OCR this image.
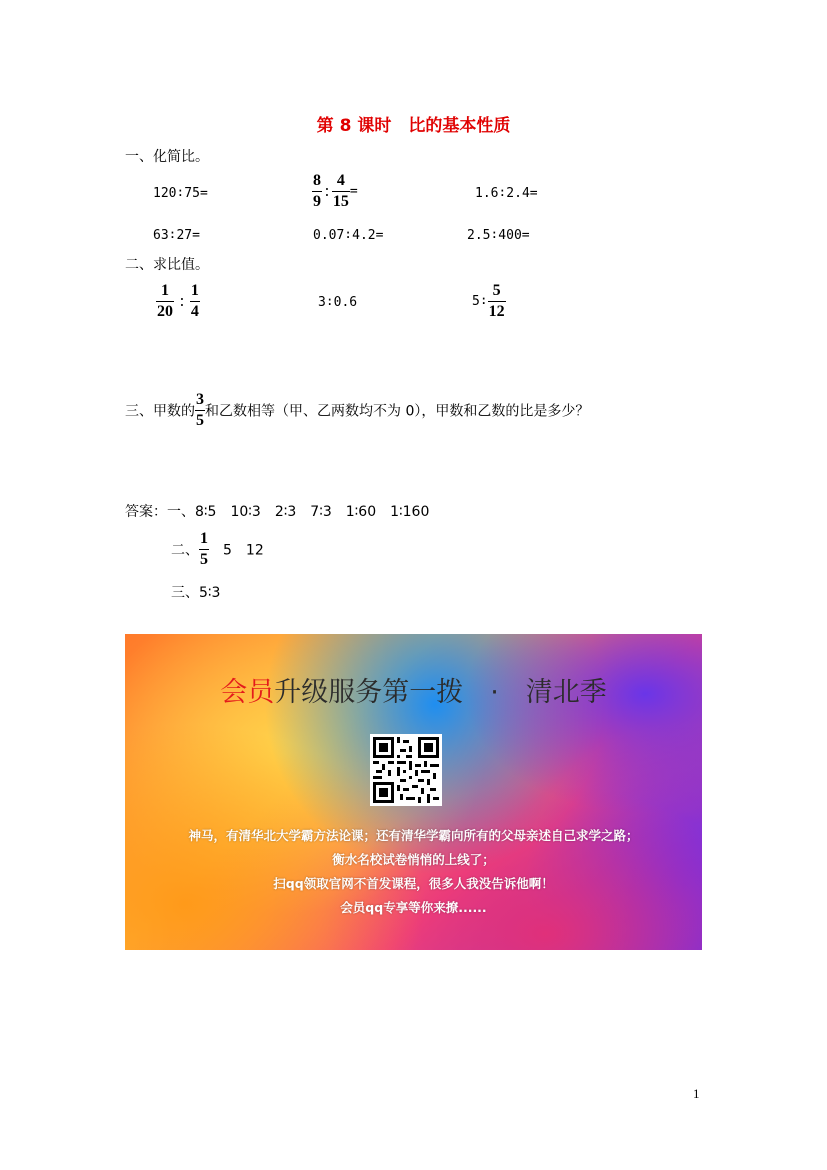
第 8 课时　比的基本性质
一、化简比。
120∶75=	$\frac{8}{9}$ ∶ $\frac{4}{15}$ =	1.6∶2.4=
63∶27=	0.07∶4.2=	2.5∶400=
二、求比值。
$\frac{1}{20}$ ∶ $\frac{1}{4}$	3∶0.6	5∶ $\frac{5}{12}$
三、甲数的 $\frac{3}{5}$ 和乙数相等（甲、乙两数均不为 0），甲数和乙数的比是多少？
答案：一、8∶5　10∶3　2∶3　7∶3　1∶60　1∶160
二、 $\frac{1}{5}$ 　5　12
三、5∶3
会员升级服务第一拨　·　清北季
神马，有清华北大学霸方法论课；还有清华学霸向所有的父母亲述自己求学之路；
衡水名校试卷悄悄的上线了；
扫qq领取官网不首发课程，很多人我没告诉他啊！
会员qq专享等你来撩......
1
